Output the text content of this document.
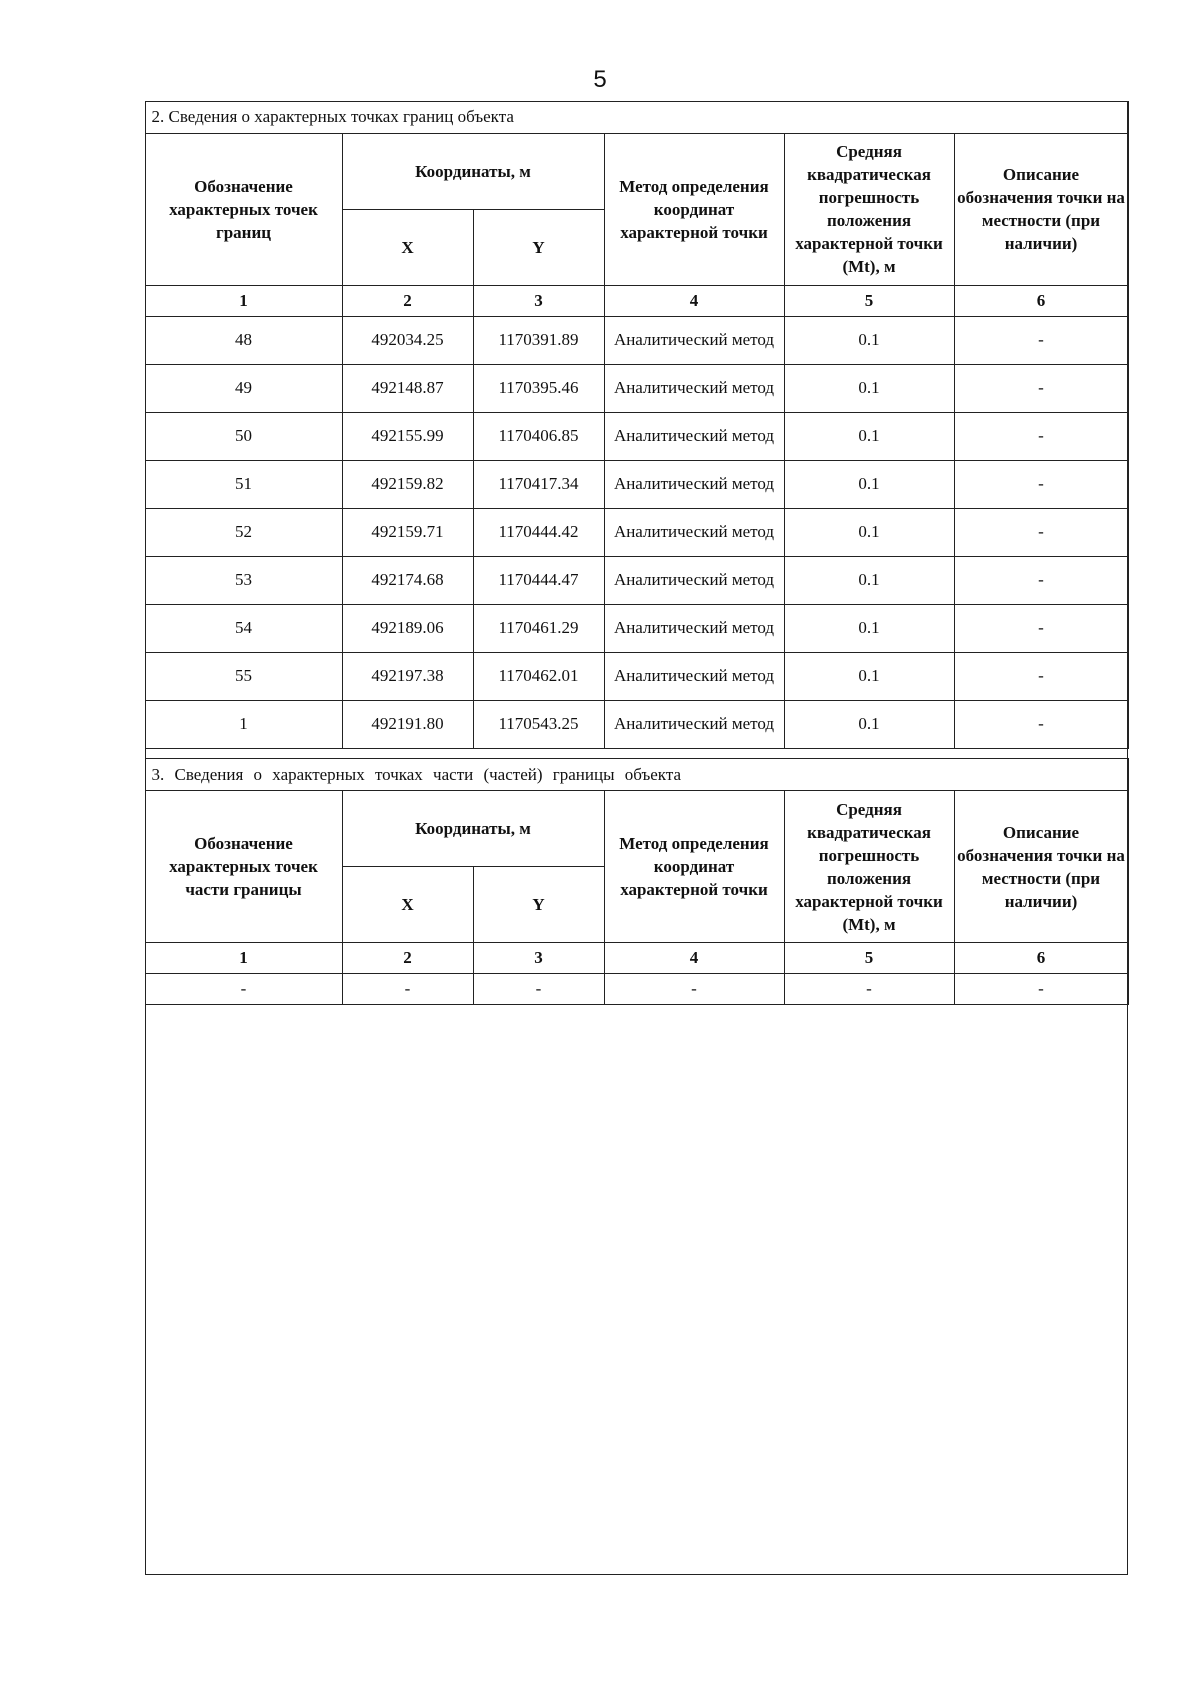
5
2. Сведения о характерных точках границ объекта					
Обозначение характерных точек границ	Координаты, м		Метод определения координат характерной точки	Средняя квадратическая погрешность положения характерной точки (Mt), м	Описание обозначения точки на местности (при наличии)
	X	Y			
1	2	3	4	5	6
48	492034.25	1170391.89	Аналитический метод	0.1	-
49	492148.87	1170395.46	Аналитический метод	0.1	-
50	492155.99	1170406.85	Аналитический метод	0.1	-
51	492159.82	1170417.34	Аналитический метод	0.1	-
52	492159.71	1170444.42	Аналитический метод	0.1	-
53	492174.68	1170444.47	Аналитический метод	0.1	-
54	492189.06	1170461.29	Аналитический метод	0.1	-
55	492197.38	1170462.01	Аналитический метод	0.1	-
1	492191.80	1170543.25	Аналитический метод	0.1	-
3. Сведения о характерных точках части (частей) границы объекта					
Обозначение характерных точек части границы	Координаты, м		Метод определения координат характерной точки	Средняя квадратическая погрешность положения характерной точки (Mt), м	Описание обозначения точки на местности (при наличии)
	X	Y			
1	2	3	4	5	6
-	-	-	-	-	-
